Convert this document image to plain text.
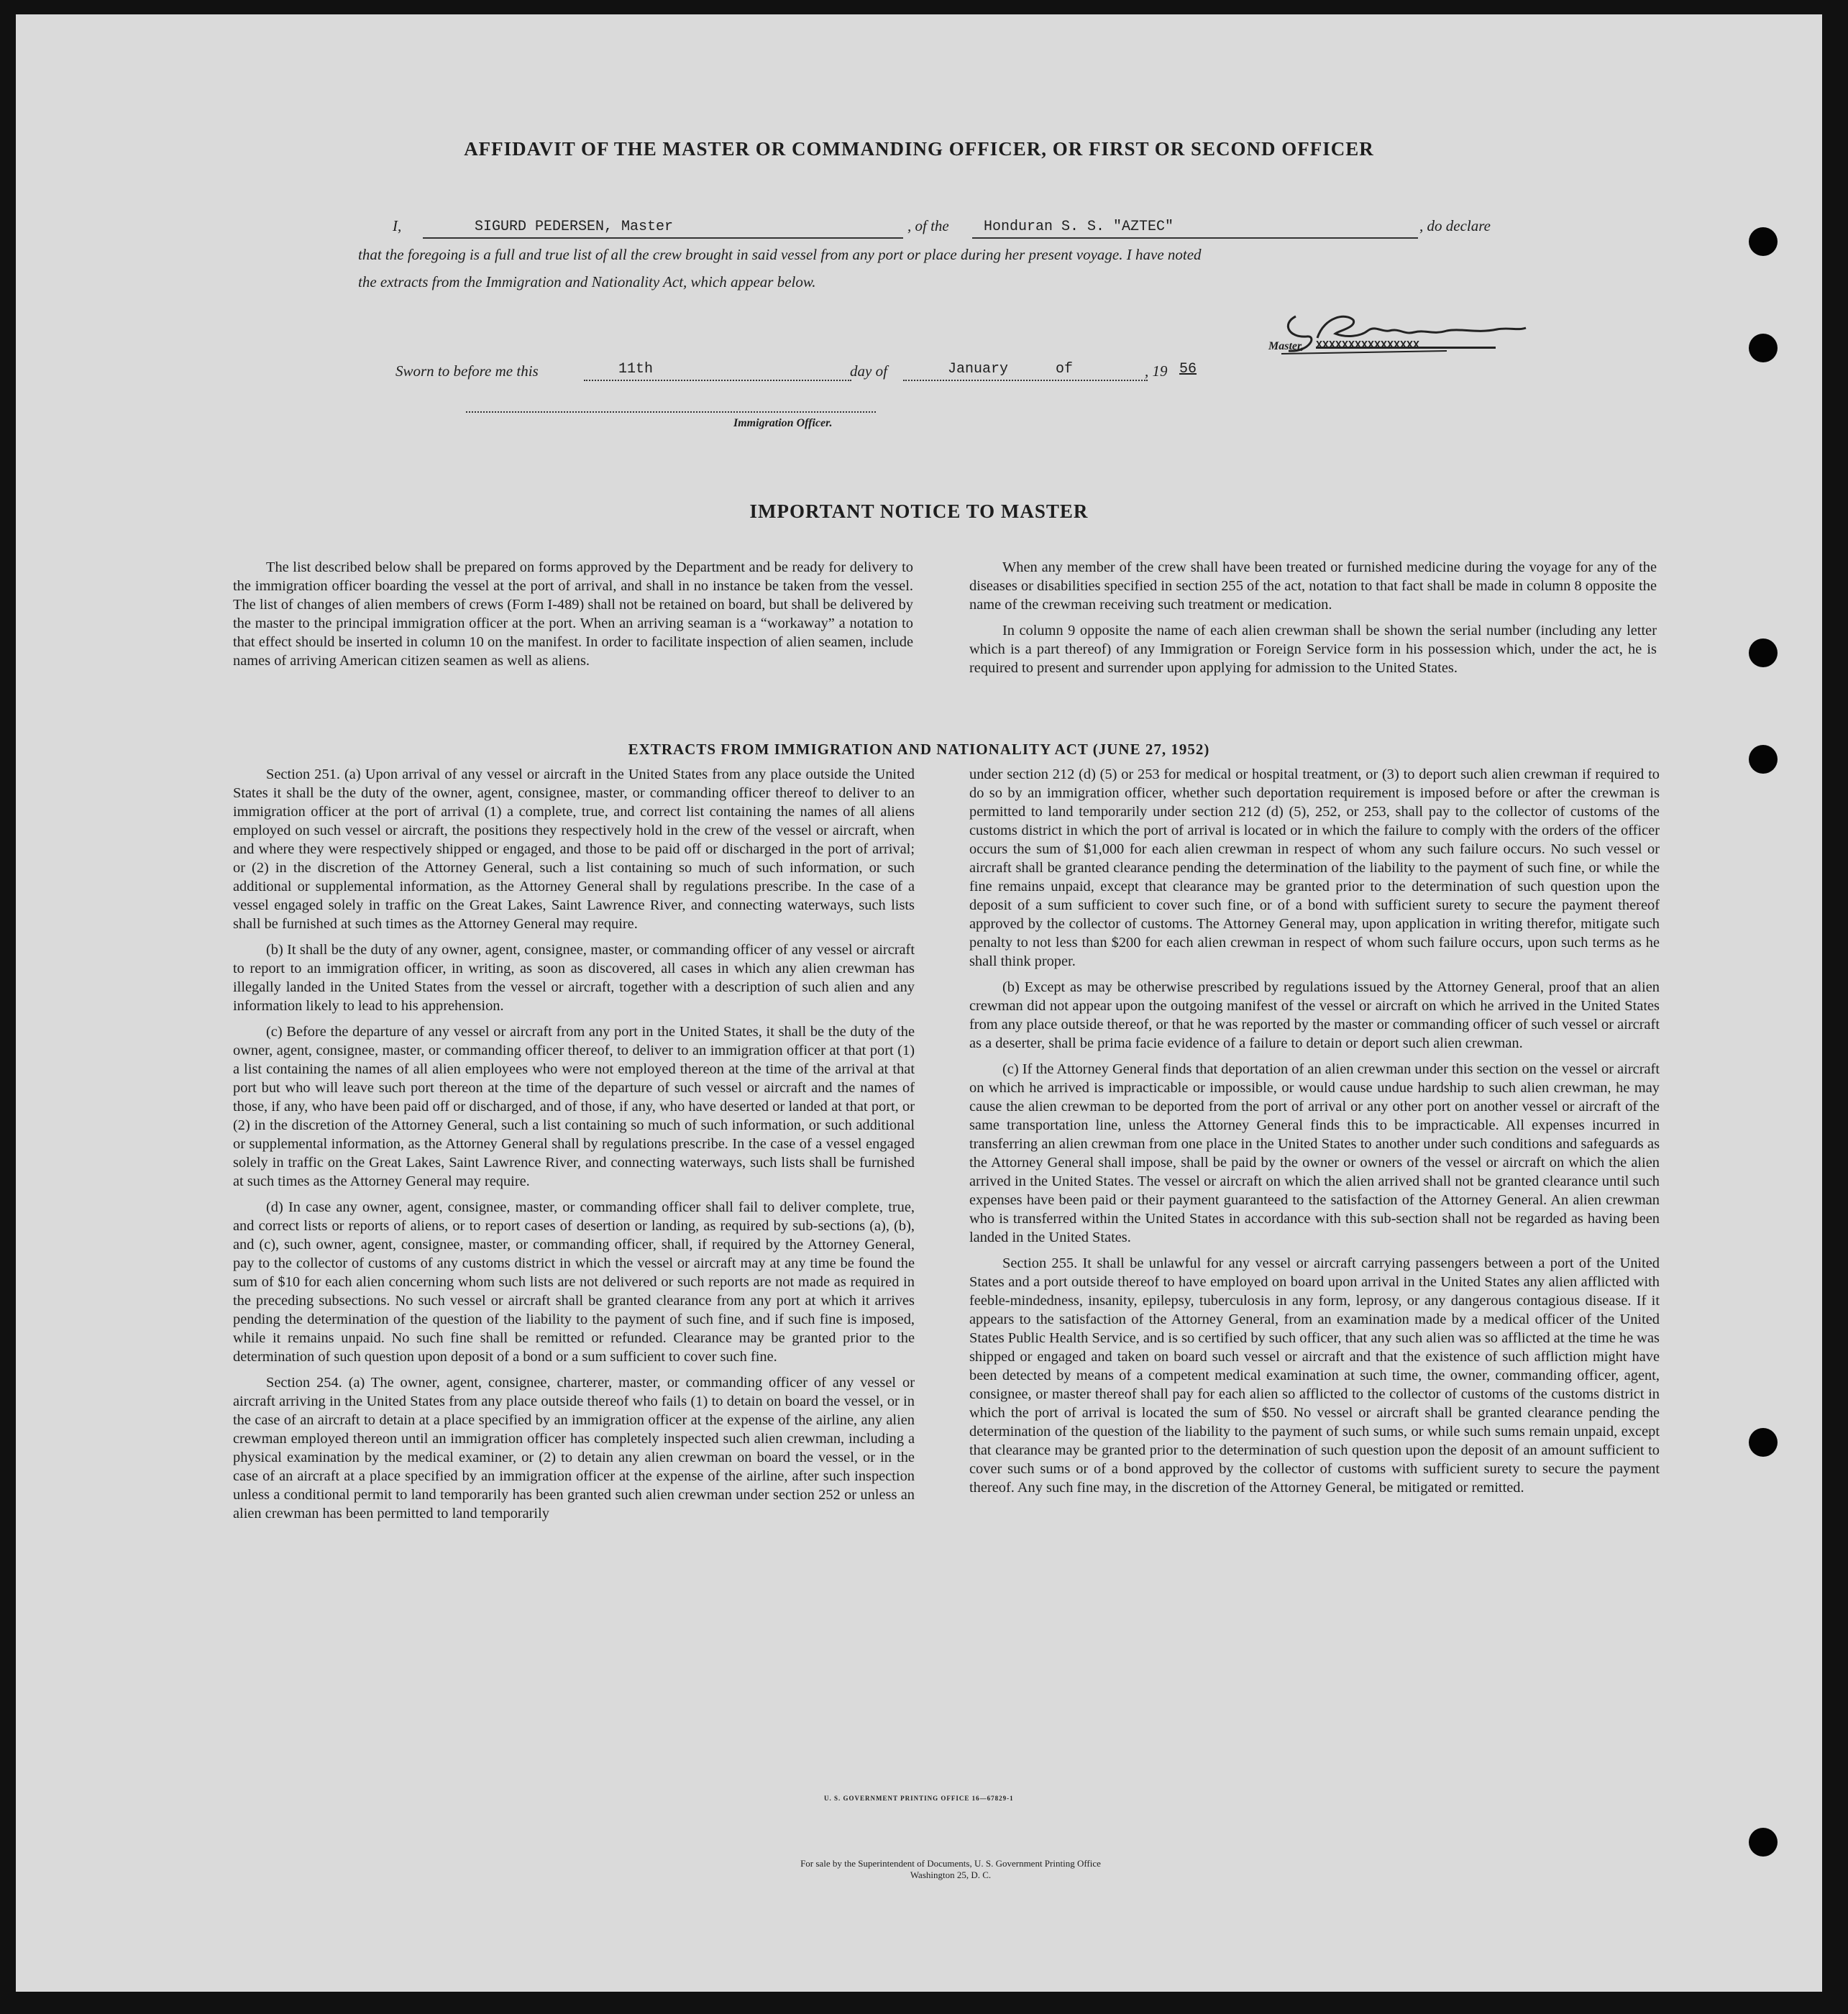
AFFIDAVIT OF THE MASTER OR COMMANDING OFFICER, OR FIRST OR SECOND OFFICER
I,	SIGURD PEDERSEN, Master	, of the Honduran S. S. "AZTEC"	, do declare
that the foregoing is a full and true list of all the crew brought in said vessel from any port or place during her present voyage. I have noted
the extracts from the Immigration and Nationality Act, which appear below.
Master, XXXXXXXXXXXXXXXX
Sworn to before me this	11th	day of	January	of	, 19 56
Immigration Officer.
IMPORTANT NOTICE TO MASTER

The list described below shall be prepared on forms approved by the Department and be ready for delivery to the immigration officer boarding the vessel at the port of arrival, and shall in no instance be taken from the vessel. The list of changes of alien members of crews (Form I-489) shall not be retained on board, but shall be delivered by the master to the principal immigration officer at the port. When an arriving seaman is a “workaway” a notation to that effect should be inserted in column 10 on the manifest. In order to facilitate inspection of alien seamen, include names of arriving American citizen seamen as well as aliens.

When any member of the crew shall have been treated or furnished medicine during the voyage for any of the diseases or disabilities specified in section 255 of the act, notation to that fact shall be made in column 8 opposite the name of the crewman receiving such treatment or medication.

In column 9 opposite the name of each alien crewman shall be shown the serial number (including any letter which is a part thereof) of any Immigration or Foreign Service form in his possession which, under the act, he is required to present and surrender upon applying for admission to the United States.

EXTRACTS FROM IMMIGRATION AND NATIONALITY ACT (JUNE 27, 1952)

Section 251. (a) Upon arrival of any vessel or aircraft in the United States from any place outside the United States it shall be the duty of the owner, agent, consignee, master, or commanding officer thereof to deliver to an immigration officer at the port of arrival (1) a complete, true, and correct list containing the names of all aliens employed on such vessel or aircraft, the positions they respectively hold in the crew of the vessel or aircraft, when and where they were respectively shipped or engaged, and those to be paid off or discharged in the port of arrival; or (2) in the discretion of the Attorney General, such a list containing so much of such information, or such additional or supplemental information, as the Attorney General shall by regulations prescribe. In the case of a vessel engaged solely in traffic on the Great Lakes, Saint Lawrence River, and connecting waterways, such lists shall be furnished at such times as the Attorney General may require.

(b) It shall be the duty of any owner, agent, consignee, master, or commanding officer of any vessel or aircraft to report to an immigration officer, in writing, as soon as discovered, all cases in which any alien crewman has illegally landed in the United States from the vessel or aircraft, together with a description of such alien and any information likely to lead to his apprehension.

(c) Before the departure of any vessel or aircraft from any port in the United States, it shall be the duty of the owner, agent, consignee, master, or commanding officer thereof, to deliver to an immigration officer at that port (1) a list containing the names of all alien employees who were not employed thereon at the time of the arrival at that port but who will leave such port thereon at the time of the departure of such vessel or aircraft and the names of those, if any, who have been paid off or discharged, and of those, if any, who have deserted or landed at that port, or (2) in the discretion of the Attorney General, such a list containing so much of such information, or such additional or supplemental information, as the Attorney General shall by regulations prescribe. In the case of a vessel engaged solely in traffic on the Great Lakes, Saint Lawrence River, and connecting waterways, such lists shall be furnished at such times as the Attorney General may require.

(d) In case any owner, agent, consignee, master, or commanding officer shall fail to deliver complete, true, and correct lists or reports of aliens, or to report cases of desertion or landing, as required by sub-sections (a), (b), and (c), such owner, agent, consignee, master, or commanding officer, shall, if required by the Attorney General, pay to the collector of customs of any customs district in which the vessel or aircraft may at any time be found the sum of $10 for each alien concerning whom such lists are not delivered or such reports are not made as required in the preceding subsections. No such vessel or aircraft shall be granted clearance from any port at which it arrives pending the determination of the question of the liability to the payment of such fine, and if such fine is imposed, while it remains unpaid. No such fine shall be remitted or refunded. Clearance may be granted prior to the determination of such question upon deposit of a bond or a sum sufficient to cover such fine.

Section 254. (a) The owner, agent, consignee, charterer, master, or commanding officer of any vessel or aircraft arriving in the United States from any place outside thereof who fails (1) to detain on board the vessel, or in the case of an aircraft to detain at a place specified by an immigration officer at the expense of the airline, any alien crewman employed thereon until an immigration officer has completely inspected such alien crewman, including a physical examination by the medical examiner, or (2) to detain any alien crewman on board the vessel, or in the case of an aircraft at a place specified by an immigration officer at the expense of the airline, after such inspection unless a conditional permit to land temporarily has been granted such alien crewman under section 252 or unless an alien crewman has been permitted to land temporarily

under section 212 (d) (5) or 253 for medical or hospital treatment, or (3) to deport such alien crewman if required to do so by an immigration officer, whether such deportation requirement is imposed before or after the crewman is permitted to land temporarily under section 212 (d) (5), 252, or 253, shall pay to the collector of customs of the customs district in which the port of arrival is located or in which the failure to comply with the orders of the officer occurs the sum of $1,000 for each alien crewman in respect of whom any such failure occurs. No such vessel or aircraft shall be granted clearance pending the determination of the liability to the payment of such fine, or while the fine remains unpaid, except that clearance may be granted prior to the determination of such question upon the deposit of a sum sufficient to cover such fine, or of a bond with sufficient surety to secure the payment thereof approved by the collector of customs. The Attorney General may, upon application in writing therefor, mitigate such penalty to not less than $200 for each alien crewman in respect of whom such failure occurs, upon such terms as he shall think proper.

(b) Except as may be otherwise prescribed by regulations issued by the Attorney General, proof that an alien crewman did not appear upon the outgoing manifest of the vessel or aircraft on which he arrived in the United States from any place outside thereof, or that he was reported by the master or commanding officer of such vessel or aircraft as a deserter, shall be prima facie evidence of a failure to detain or deport such alien crewman.

(c) If the Attorney General finds that deportation of an alien crewman under this section on the vessel or aircraft on which he arrived is impracticable or impossible, or would cause undue hardship to such alien crewman, he may cause the alien crewman to be deported from the port of arrival or any other port on another vessel or aircraft of the same transportation line, unless the Attorney General finds this to be impracticable. All expenses incurred in transferring an alien crewman from one place in the United States to another under such conditions and safeguards as the Attorney General shall impose, shall be paid by the owner or owners of the vessel or aircraft on which the alien arrived in the United States. The vessel or aircraft on which the alien arrived shall not be granted clearance until such expenses have been paid or their payment guaranteed to the satisfaction of the Attorney General. An alien crewman who is transferred within the United States in accordance with this sub-section shall not be regarded as having been landed in the United States.

Section 255. It shall be unlawful for any vessel or aircraft carrying passengers between a port of the United States and a port outside thereof to have employed on board upon arrival in the United States any alien afflicted with feeble-mindedness, insanity, epilepsy, tuberculosis in any form, leprosy, or any dangerous contagious disease. If it appears to the satisfaction of the Attorney General, from an examination made by a medical officer of the United States Public Health Service, and is so certified by such officer, that any such alien was so afflicted at the time he was shipped or engaged and taken on board such vessel or aircraft and that the existence of such affliction might have been detected by means of a competent medical examination at such time, the owner, commanding officer, agent, consignee, or master thereof shall pay for each alien so afflicted to the collector of customs of the customs district in which the port of arrival is located the sum of $50. No vessel or aircraft shall be granted clearance pending the determination of the question of the liability to the payment of such sums, or while such sums remain unpaid, except that clearance may be granted prior to the determination of such question upon the deposit of an amount sufficient to cover such sums or of a bond approved by the collector of customs with sufficient surety to secure the payment thereof. Any such fine may, in the discretion of the Attorney General, be mitigated or remitted.

U. S. GOVERNMENT PRINTING OFFICE 16—67829-1
For sale by the Superintendent of Documents, U. S. Government Printing Office
Washington 25, D. C.
